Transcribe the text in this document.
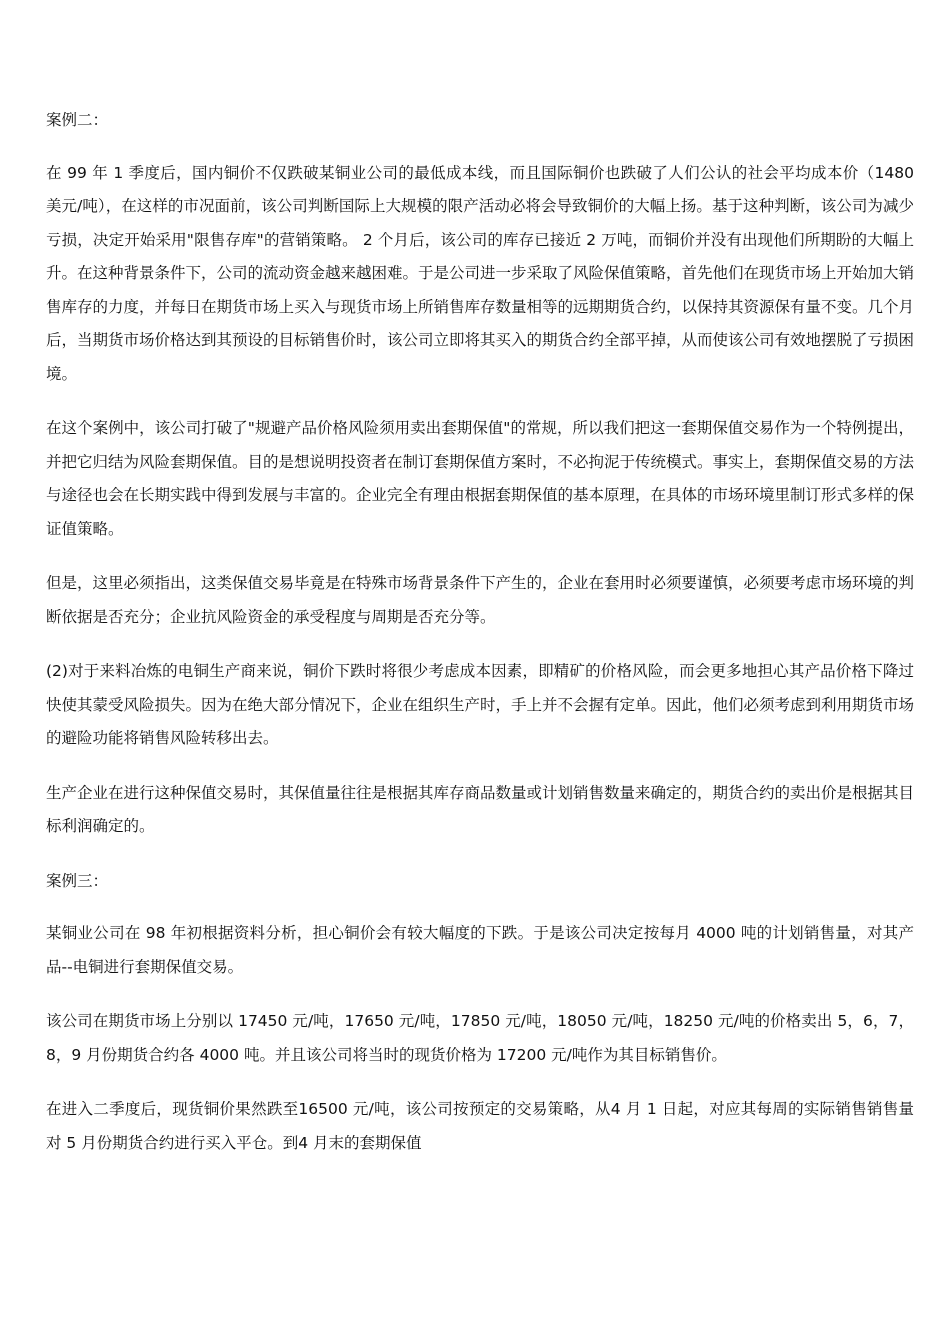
案例二：

在 99 年 1 季度后，国内铜价不仅跌破某铜业公司的最低成本线，而且国际铜价也跌破了人们公认的社会平均成本价（1480 美元/吨），在这样的市况面前，该公司判断国际上大规模的限产活动必将会导致铜价的大幅上扬。基于这种判断，该公司为减少亏损，决定开始采用"限售存库"的营销策略。 2 个月后，该公司的库存已接近 2 万吨，而铜价并没有出现他们所期盼的大幅上升。在这种背景条件下，公司的流动资金越来越困难。于是公司进一步采取了风险保值策略，首先他们在现货市场上开始加大销售库存的力度，并每日在期货市场上买入与现货市场上所销售库存数量相等的远期期货合约，以保持其资源保有量不变。几个月后，当期货市场价格达到其预设的目标销售价时，该公司立即将其买入的期货合约全部平掉，从而使该公司有效地摆脱了亏损困境。

在这个案例中，该公司打破了"规避产品价格风险须用卖出套期保值"的常规，所以我们把这一套期保值交易作为一个特例提出，并把它归结为风险套期保值。目的是想说明投资者在制订套期保值方案时，不必拘泥于传统模式。事实上，套期保值交易的方法与途径也会在长期实践中得到发展与丰富的。企业完全有理由根据套期保值的基本原理，在具体的市场环境里制订形式多样的保证值策略。

但是，这里必须指出，这类保值交易毕竟是在特殊市场背景条件下产生的，企业在套用时必须要谨慎，必须要考虑市场环境的判断依据是否充分；企业抗风险资金的承受程度与周期是否充分等。

(2)对于来料冶炼的电铜生产商来说，铜价下跌时将很少考虑成本因素，即精矿的价格风险，而会更多地担心其产品价格下降过快使其蒙受风险损失。因为在绝大部分情况下，企业在组织生产时，手上并不会握有定单。因此，他们必须考虑到利用期货市场的避险功能将销售风险转移出去。

生产企业在进行这种保值交易时，其保值量往往是根据其库存商品数量或计划销售数量来确定的，期货合约的卖出价是根据其目标利润确定的。

案例三：

某铜业公司在 98 年初根据资料分析，担心铜价会有较大幅度的下跌。于是该公司决定按每月 4000 吨的计划销售量，对其产品--电铜进行套期保值交易。

该公司在期货市场上分别以 17450 元/吨，17650 元/吨，17850 元/吨，18050 元/吨，18250 元/吨的价格卖出 5，6，7，8，9 月份期货合约各 4000 吨。并且该公司将当时的现货价格为 17200 元/吨作为其目标销售价。

在进入二季度后，现货铜价果然跌至16500 元/吨，该公司按预定的交易策略，从4 月 1 日起，对应其每周的实际销售销售量对 5 月份期货合约进行买入平仓。到4 月末的套期保值
